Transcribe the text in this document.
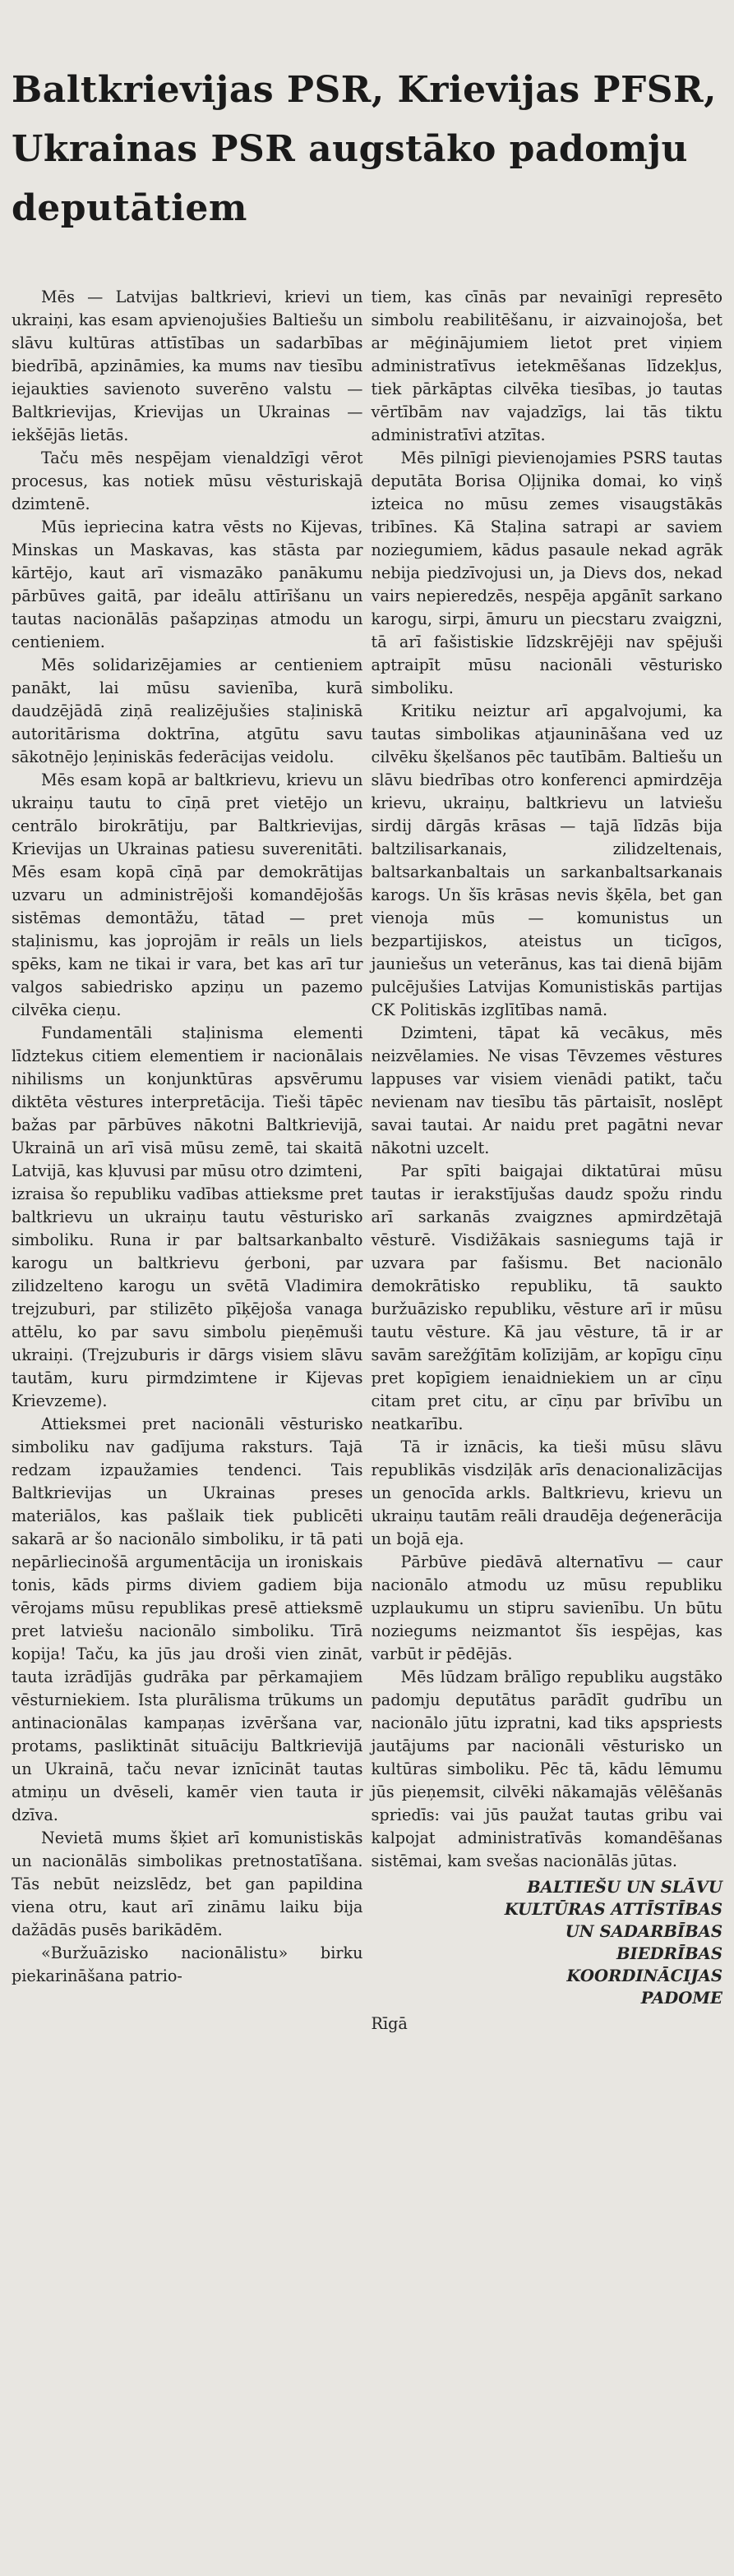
Baltkrievijas PSR, Krievijas PFSR, Ukrainas PSR augstāko padomju deputātiem

Mēs — Latvijas baltkrievi, krievi un ukraiņi, kas esam apvienojušies Baltiešu un slāvu kultūras attīstības un sadarbības biedrībā, apzināmies, ka mums nav tiesību iejaukties savienoto suverēno valstu — Baltkrievijas, Krievijas un Ukrainas — iekšējās lietās.

Taču mēs nespējam vienaldzīgi vērot procesus, kas notiek mūsu vēsturiskajā dzimtenē.

Mūs iepriecina katra vēsts no Kijevas, Minskas un Maskavas, kas stāsta par kārtējo, kaut arī vismazāko panākumu pārbūves gaitā, par ideālu attīrīšanu un tautas nacionālās pašapziņas atmodu un centieniem.

Mēs solidarizējamies ar centieniem panākt, lai mūsu savienība, kurā daudzējādā ziņā realizējušies staļiniskā autoritārisma doktrīna, atgūtu savu sākotnējo ļeņiniskās federācijas veidolu.

Mēs esam kopā ar baltkrievu, krievu un ukraiņu tautu to cīņā pret vietējo un centrālo birokrātiju, par Baltkrievijas, Krievijas un Ukrainas patiesu suverenitāti. Mēs esam kopā cīņā par demokrātijas uzvaru un administrējoši komandējošās sistēmas demontāžu, tātad — pret staļinismu, kas joprojām ir reāls un liels spēks, kam ne tikai ir vara, bet kas arī tur valgos sabiedrisko apziņu un pazemo cilvēka cieņu.

Fundamentāli staļinisma elementi līdztekus citiem elementiem ir nacionālais nihilisms un konjunktūras apsvērumu diktēta vēstures interpretācija. Tieši tāpēc bažas par pārbūves nākotni Baltkrievijā, Ukrainā un arī visā mūsu zemē, tai skaitā Latvijā, kas kļuvusi par mūsu otro dzimteni, izraisa šo republiku vadības attieksme pret baltkrievu un ukraiņu tautu vēsturisko simboliku. Runa ir par baltsarkanbalto karogu un baltkrievu ģerboni, par zilidzelteno karogu un svētā Vladimira trejzuburi, par stilizēto pīķējoša vanaga attēlu, ko par savu simbolu pieņēmuši ukraiņi. (Trejzuburis ir dārgs visiem slāvu tautām, kuru pirmdzimtene ir Kijevas Krievzeme).

Attieksmei pret nacionāli vēsturisko simboliku nav gadījuma raksturs. Tajā redzam izpaužamies tendenci. Tais Baltkrievijas un Ukrainas preses materiālos, kas pašlaik tiek publicēti sakarā ar šo nacionālo simboliku, ir tā pati nepārliecinošā argumentācija un ironiskais tonis, kāds pirms diviem gadiem bija vērojams mūsu republikas presē attieksmē pret latviešu nacionālo simboliku. Tīrā kopija! Taču, ka jūs jau droši vien zināt, tauta izrādījās gudrāka par pērkamajiem vēsturniekiem. Ista plurālisma trūkums un antinacionālas kampaņas izvēršana var, protams, pasliktināt situāciju Baltkrievijā un Ukrainā, taču nevar iznīcināt tautas atmiņu un dvēseli, kamēr vien tauta ir dzīva.

Nevietā mums šķiet arī komunistiskās un nacionālās simbolikas pretnostatīšana. Tās nebūt neizslēdz, bet gan papildina viena otru, kaut arī zināmu laiku bija dažādās pusēs barikādēm.

«Buržuāzisko nacionālistu» birku piekarināšana patrio-

tiem, kas cīnās par nevainīgi represēto simbolu reabilitēšanu, ir aizvainojoša, bet ar mēģinājumiem lietot pret viņiem administratīvus ietekmēšanas līdzekļus, tiek pārkāptas cilvēka tiesības, jo tautas vērtībām nav vajadzīgs, lai tās tiktu administratīvi atzītas.

Mēs pilnīgi pievienojamies PSRS tautas deputāta Borisa Oļijnika domai, ko viņš izteica no mūsu zemes visaugstākās tribīnes. Kā Staļina satrapi ar saviem noziegumiem, kādus pasaule nekad agrāk nebija piedzīvojusi un, ja Dievs dos, nekad vairs nepieredzēs, nespēja apgānīt sarkano karogu, sirpi, āmuru un piecstaru zvaigzni, tā arī fašistiskie līdzskrējēji nav spējuši aptraipīt mūsu nacionāli vēsturisko simboliku.

Kritiku neiztur arī apgalvojumi, ka tautas simbolikas atjaunināšana ved uz cilvēku šķelšanos pēc tautībām. Baltiešu un slāvu biedrības otro konferenci apmirdzēja krievu, ukraiņu, baltkrievu un latviešu sirdij dārgās krāsas — tajā līdzās bija baltzilisarkanais, zilidzeltenais, baltsarkanbaltais un sarkanbaltsarkanais karogs. Un šīs krāsas nevis šķēla, bet gan vienoja mūs — komunistus un bezpartijiskos, ateistus un ticīgos, jauniešus un veterānus, kas tai dienā bijām pulcējušies Latvijas Komunistiskās partijas CK Politiskās izglītības namā.

Dzimteni, tāpat kā vecākus, mēs neizvēlamies. Ne visas Tēvzemes vēstures lappuses var visiem vienādi patikt, taču nevienam nav tiesību tās pārtaisīt, noslēpt savai tautai. Ar naidu pret pagātni nevar nākotni uzcelt.

Par spīti baigajai diktatūrai mūsu tautas ir ierakstījušas daudz spožu rindu arī sarkanās zvaigznes apmirdzētajā vēsturē. Visdižākais sasniegums tajā ir uzvara par fašismu. Bet nacionālo demokrātisko republiku, tā saukto buržuāzisko republiku, vēsture arī ir mūsu tautu vēsture. Kā jau vēsture, tā ir ar savām sarežģītām kolīzijām, ar kopīgu cīņu pret kopīgiem ienaidniekiem un ar cīņu citam pret citu, ar cīņu par brīvību un neatkarību.

Tā ir iznācis, ka tieši mūsu slāvu republikās visdziļāk arīs denacionalizācijas un genocīda arkls. Baltkrievu, krievu un ukraiņu tautām reāli draudēja deģenerācija un bojā eja.

Pārbūve piedāvā alternatīvu — caur nacionālo atmodu uz mūsu republiku uzplaukumu un stipru savienību. Un būtu noziegums neizmantot šīs iespējas, kas varbūt ir pēdējās.

Mēs lūdzam brālīgo republiku augstāko padomju deputātus parādīt gudrību un nacionālo jūtu izpratni, kad tiks apspriests jautājums par nacionāli vēsturisko un kultūras simboliku. Pēc tā, kādu lēmumu jūs pieņemsit, cilvēki nākamajās vēlēšanās spriedīs: vai jūs paužat tautas gribu vai kalpojat administratīvās komandēšanas sistēmai, kam svešas nacionālās jūtas.

BALTIEŠU UN SLĀVU
KULTŪRAS ATTĪSTĪBAS
UN SADARBĪBAS
BIEDRĪBAS
KOORDINĀCIJAS
PADOME

Rīgā
